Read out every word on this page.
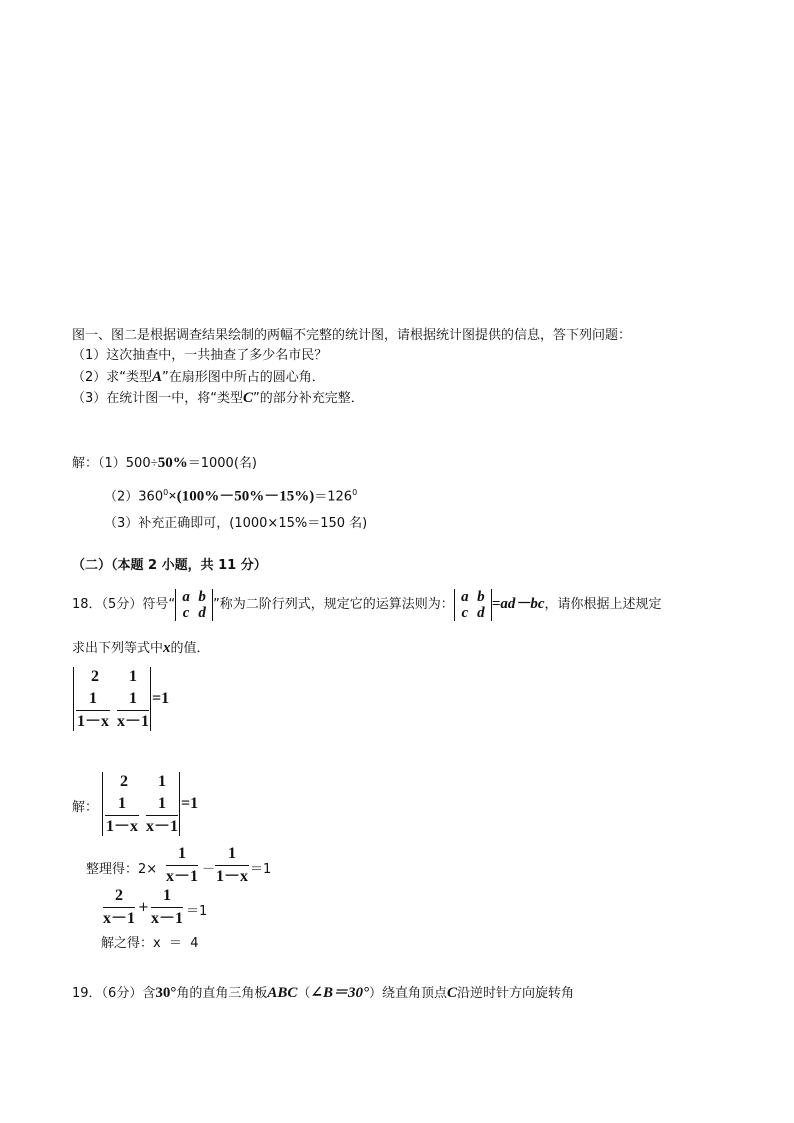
图一、图二是根据调查结果绘制的两幅不完整的统计图，请根据统计图提供的信息，答下列问题：
（1）这次抽查中，一共抽查了多少名市民？
（2）求“类型A”在扇形图中所占的圆心角．
（3）在统计图一中，将“类型C”的部分补充完整．
解：（1）500÷50%＝1000(名)
$(2)360^0\times(100\%-50\%-15\%)=126^0$
（3）补充正确即可，(1000×15%＝150 名)
（二）（本题 2 小题，共 11 分）
18．（5分）符号“ a b
c d ”称为二阶行列式，规定它的运算法则为： a b
c d
=ad－bc，请你根据上述规定
求出下列等式中x的值．
2	1
1
1－x
1
x－1
=1
解：
2	1
1
1－x
1
x－1
=1
整理得：2×
1
x－1 －
1
1－x ＝1
2
x－1
+
1
x－1 ＝1
解之得：x  ＝  4
19．（6分）含30°角的直角三角板ABC（∠B＝30°）绕直角顶点C沿逆时针方向旋转角
